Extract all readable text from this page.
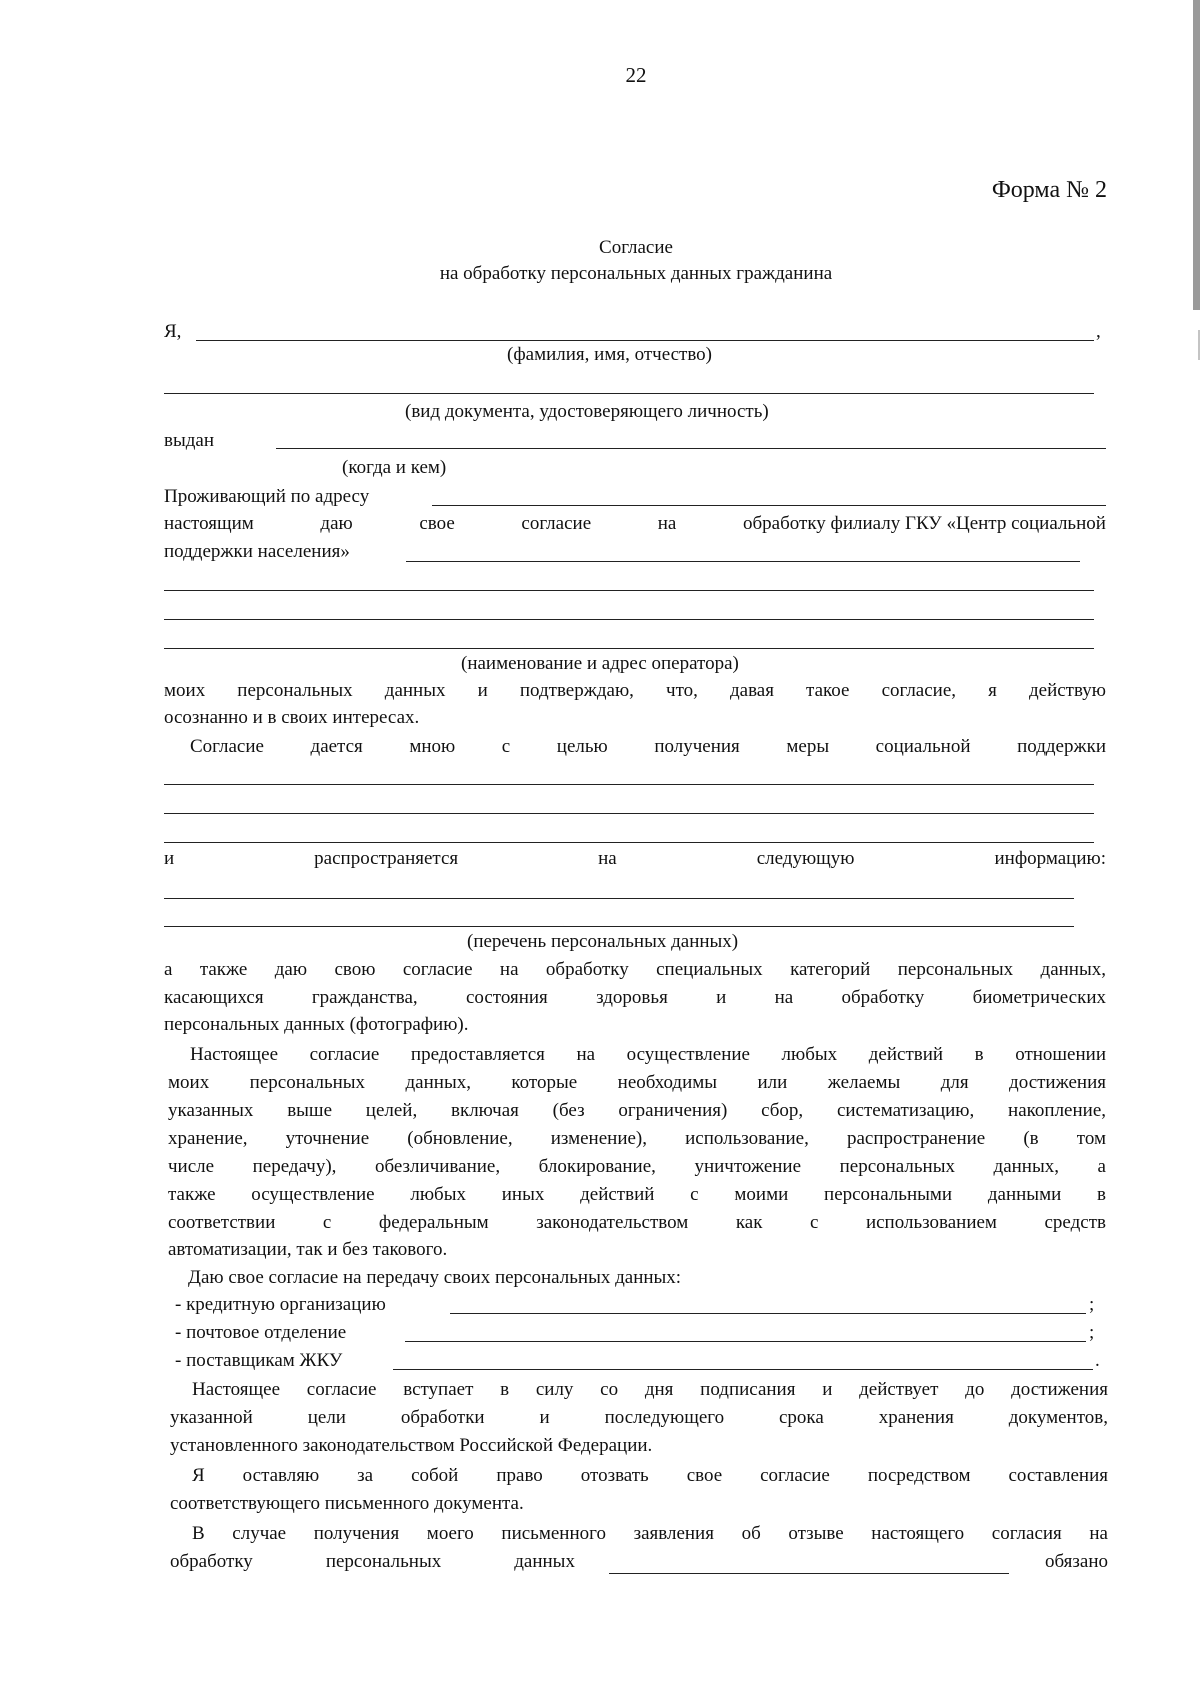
22
Форма № 2
Согласие
на обработку персональных данных гражданина
Я,	,
(фамилия, имя, отчество)
(вид документа, удостоверяющего личность)
выдан
(когда и кем)
Проживающий по адресу
настоящим	даю	свое	согласие	на	обработку филиалу ГКУ «Центр социальной
поддержки населения»
(наименование и адрес оператора)
моих персональных данных и подтверждаю, что, давая такое согласие, я действую
осознанно и в своих интересах.
Согласие дается мною с целью получения меры социальной поддержки
и	распространяется	на	следующую	информацию:
(перечень персональных данных)
а также даю свою согласие на обработку специальных категорий персональных данных,
касающихся гражданства, состояния здоровья и на обработку биометрических
персональных данных (фотографию).
Настоящее согласие предоставляется на осуществление любых действий в отношении
моих персональных данных, которые необходимы или желаемы для достижения
указанных выше целей, включая (без ограничения) сбор, систематизацию, накопление,
хранение, уточнение (обновление, изменение), использование, распространение (в том
числе передачу), обезличивание, блокирование, уничтожение персональных данных, а
также осуществление любых иных действий с моими персональными данными в
соответствии с федеральным законодательством как с использованием средств
автоматизации, так и без такового.
Даю свое согласие на передачу своих персональных данных:
- кредитную организацию	;
- почтовое отделение	;
- поставщикам ЖКУ	.
Настоящее согласие вступает в силу со дня подписания и действует до достижения
указанной цели обработки и последующего срока хранения документов,
установленного законодательством Российской Федерации.
Я оставляю за собой право отозвать свое согласие посредством составления
соответствующего письменного документа.
В случае получения моего письменного заявления об отзыве настоящего согласия на
обработку	персональных	данных	обязано
